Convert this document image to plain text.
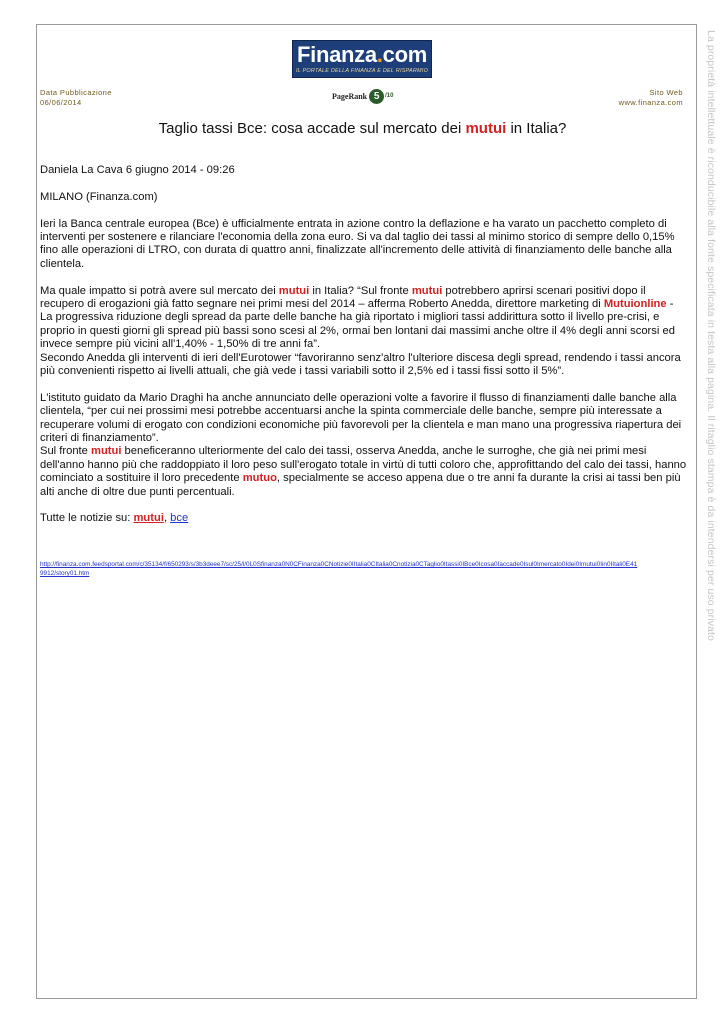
La proprietà intellettuale è riconducibile alla fonte specificata in testa alla pagina. Il ritaglio stampa è da intendersi per uso privato
Finanza.com
IL PORTALE DELLA FINANZA E DEL RISPARMIO
Data Pubblicazione
06/06/2014
PageRank 5 /10	Sito Web
www.finanza.com
Taglio tassi Bce: cosa accade sul mercato dei mutui in Italia?

Daniela La Cava 6 giugno 2014 - 09:26

MILANO (Finanza.com)

Ieri la Banca centrale europea (Bce) è ufficialmente entrata in azione contro la deflazione e ha varato un pacchetto completo di interventi per sostenere e rilanciare l'economia della zona euro. Si va dal taglio dei tassi al minimo storico di sempre dello 0,15% fino alle operazioni di LTRO, con durata di quattro anni, finalizzate all'incremento delle attività di finanziamento delle banche alla clientela.

Ma quale impatto si potrà avere sul mercato dei mutui in Italia? “Sul fronte mutui potrebbero aprirsi scenari positivi dopo il recupero di erogazioni già fatto segnare nei primi mesi del 2014 – afferma Roberto Anedda, direttore marketing di Mutuionline - La progressiva riduzione degli spread da parte delle banche ha già riportato i migliori tassi addirittura sotto il livello pre-crisi, e proprio in questi giorni gli spread più bassi sono scesi al 2%, ormai ben lontani dai massimi anche oltre il 4% degli anni scorsi ed invece sempre più vicini all'1,40% - 1,50% di tre anni fa”.
Secondo Anedda gli interventi di ieri dell'Eurotower “favoriranno senz'altro l'ulteriore discesa degli spread, rendendo i tassi ancora più convenienti rispetto ai livelli attuali, che già vede i tassi variabili sotto il 2,5% ed i tassi fissi sotto il 5%”.

L'istituto guidato da Mario Draghi ha anche annunciato delle operazioni volte a favorire il flusso di finanziamenti dalle banche alla clientela, “per cui nei prossimi mesi potrebbe accentuarsi anche la spinta commerciale delle banche, sempre più interessate a recuperare volumi di erogato con condizioni economiche più favorevoli per la clientela e man mano una progressiva riapertura dei criteri di finanziamento”.
Sul fronte mutui beneficeranno ulteriormente del calo dei tassi, osserva Anedda, anche le surroghe, che già nei primi mesi dell'anno hanno più che raddoppiato il loro peso sull'erogato totale in virtù di tutti coloro che, approfittando del calo dei tassi, hanno cominciato a sostituire il loro precedente mutuo, specialmente se acceso appena due o tre anni fa durante la crisi ai tassi ben più alti anche di oltre due punti percentuali.

Tutte le notizie su: mutui, bce

http://finanza.com.feedsportal.com/c/35134/f/650293/s/3b3deee7/sc/25/l/0L0Sfinanza0N0CFinanza0CNotizie0IItalia0CItalia0Cnotizia0CTaglio0Itassi0IBce0Icosa0Iaccade0Isul0Imercato0Idei0Imutui0Iin0IItali0E419912/story01.htm
